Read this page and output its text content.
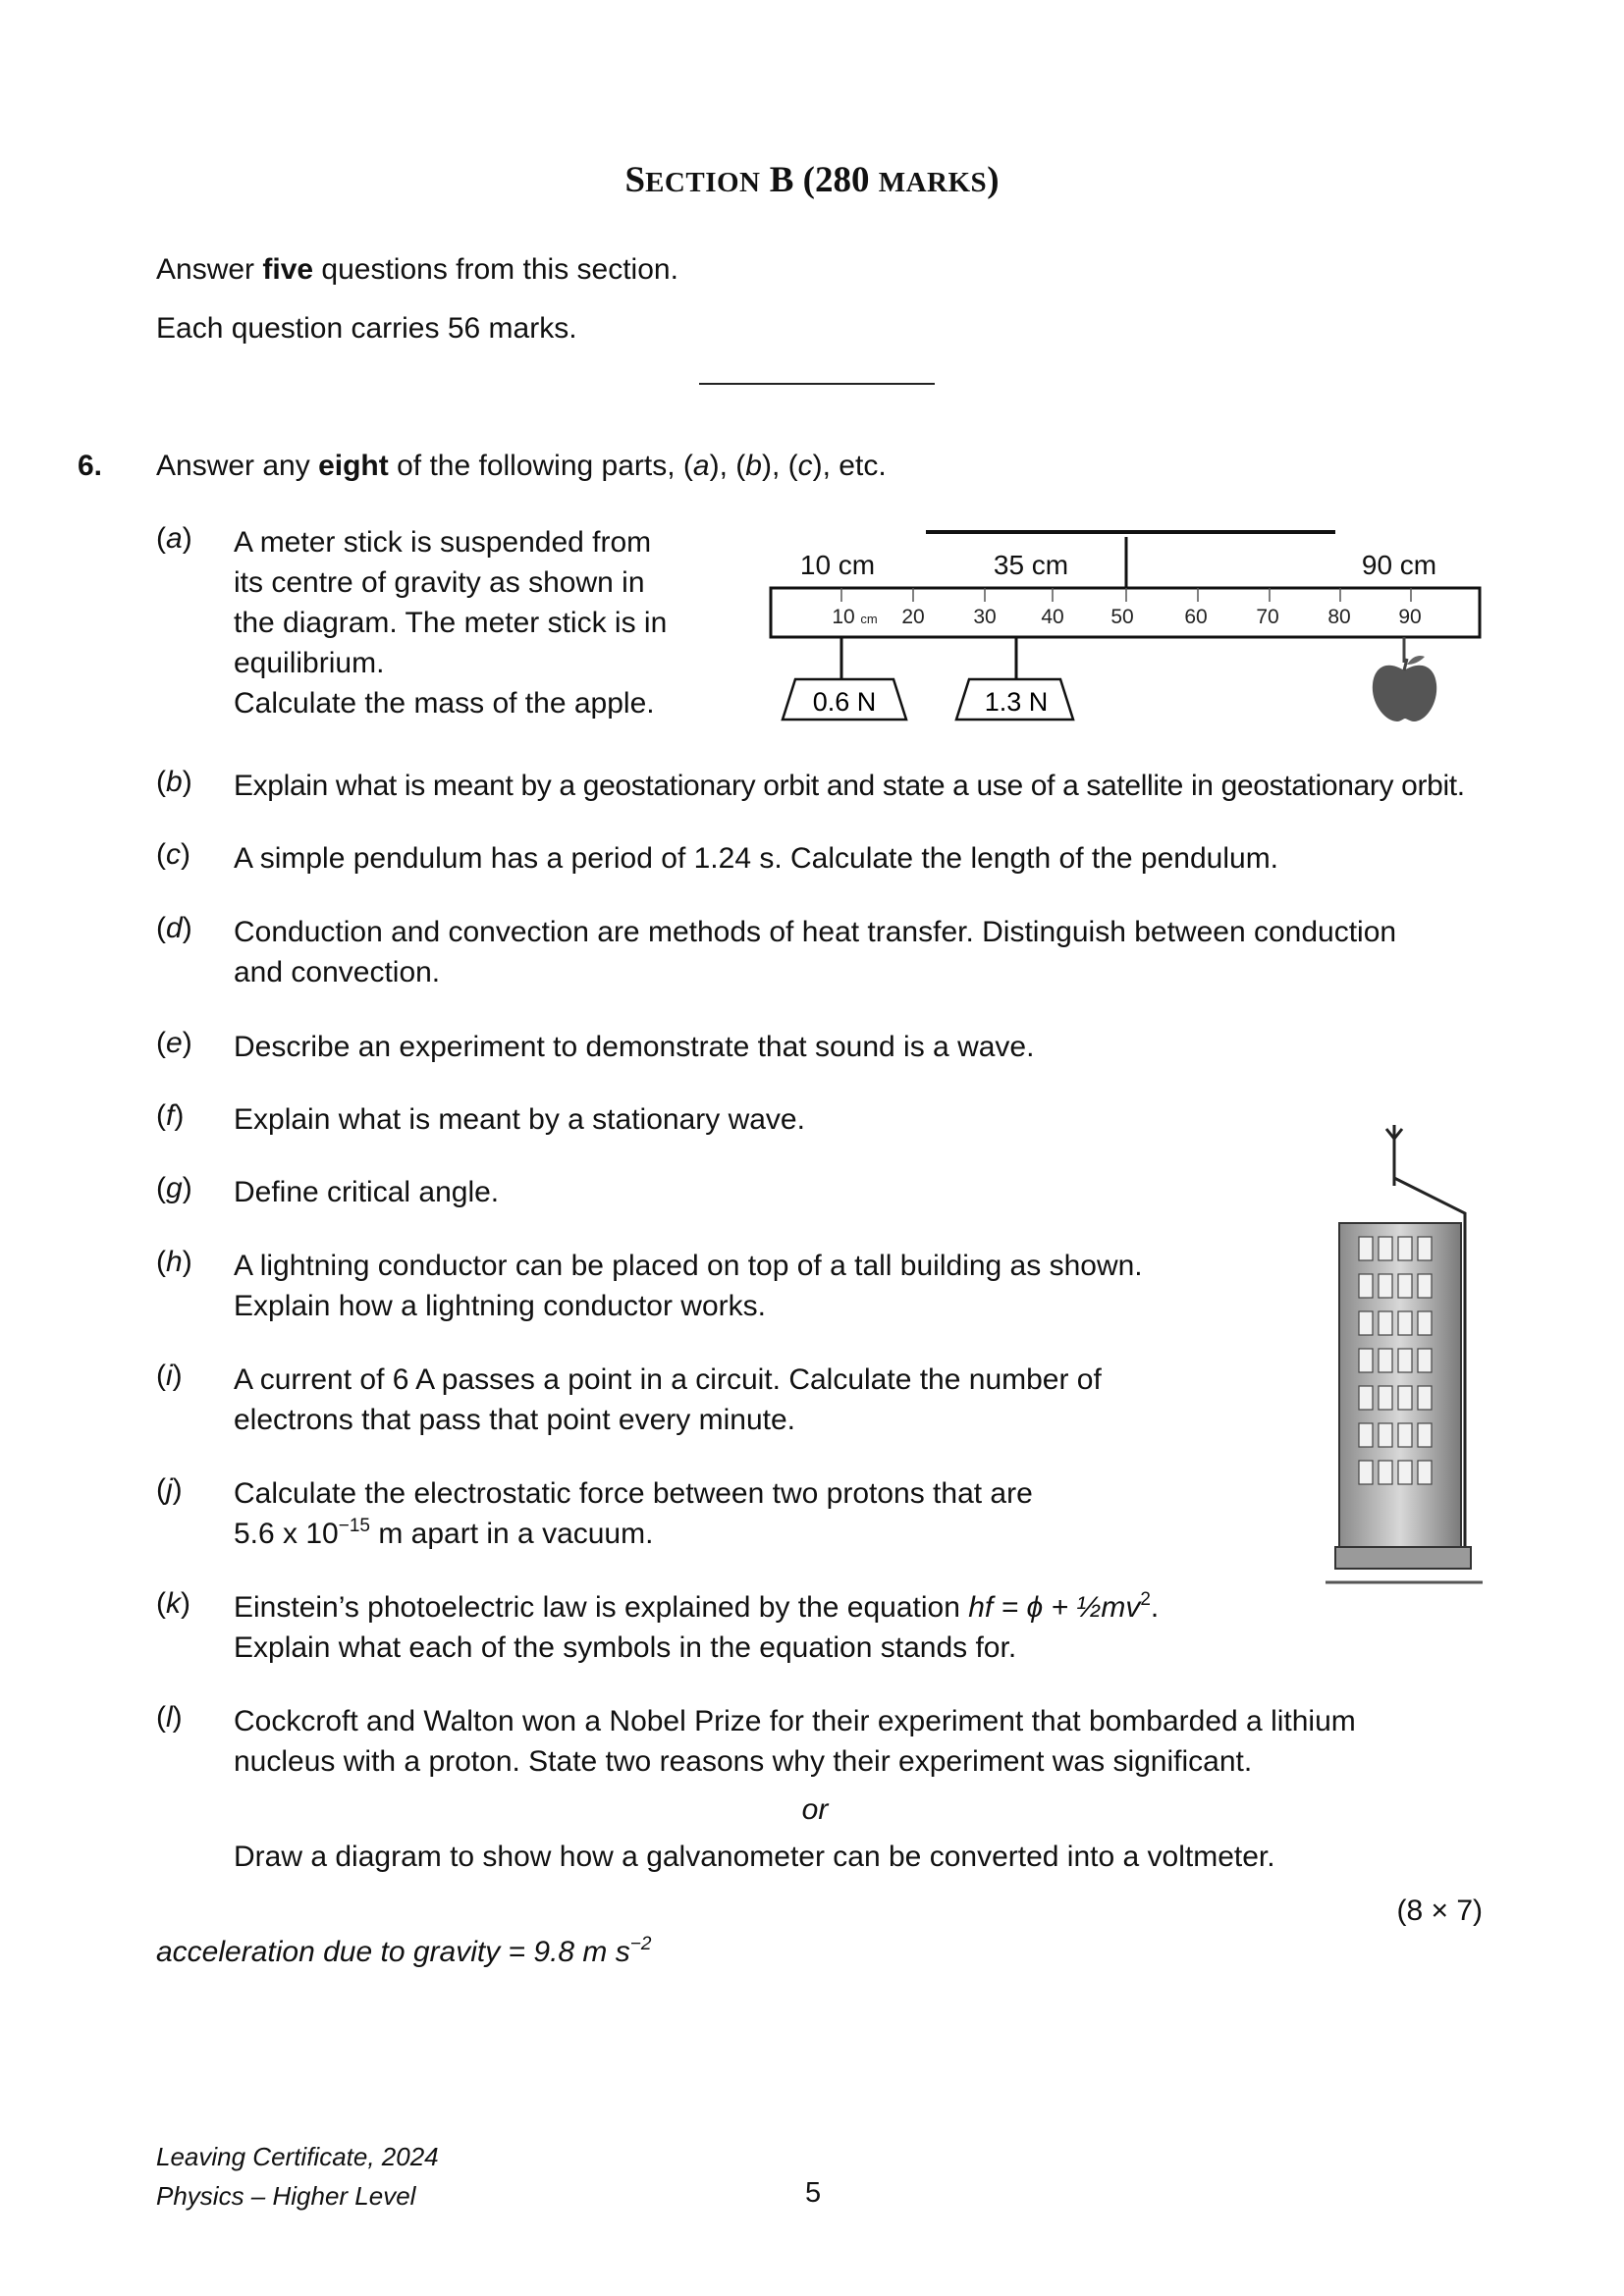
SECTION B (280 MARKS)
Answer five questions from this section.
Each question carries 56 marks.
6. Answer any eight of the following parts, (a), (b), (c), etc.
(a)	A meter stick is suspended from
its centre of gravity as shown in
the diagram. The meter stick is in
equilibrium.
Calculate the mass of the apple.
10 cm 20 30 40 50 60 70 80 90
10 cm	35 cm	90 cm
0.6 N	1.3 N
(b)	Explain what is meant by a geostationary orbit and state a use of a satellite in geostationary orbit.
(c)	A simple pendulum has a period of 1.24 s. Calculate the length of the pendulum.
(d)	Conduction and convection are methods of heat transfer. Distinguish between conduction
and convection.
(e)	Describe an experiment to demonstrate that sound is a wave.
(f)	Explain what is meant by a stationary wave.
(g)	Define critical angle.
(h)	A lightning conductor can be placed on top of a tall building as shown.
Explain how a lightning conductor works.
(i)	A current of 6 A passes a point in a circuit. Calculate the number of
electrons that pass that point every minute.
(j)	Calculate the electrostatic force between two protons that are
5.6 x $10^{-15}$ m apart in a vacuum.
(k)	Einstein’s photoelectric law is explained by the equation hf = $\phi + \frac{1}{2}mv^2$.
Explain what each of the symbols in the equation stands for.
(l)	Cockcroft and Walton won a Nobel Prize for their experiment that bombarded a lithium
nucleus with a proton. State two reasons why their experiment was significant.
or
Draw a diagram to show how a galvanometer can be converted into a voltmeter.
(8 × 7)
acceleration due to gravity = 9.8 m $s^{-2}$
Leaving Certificate, 2024
Physics – Higher Level	5
